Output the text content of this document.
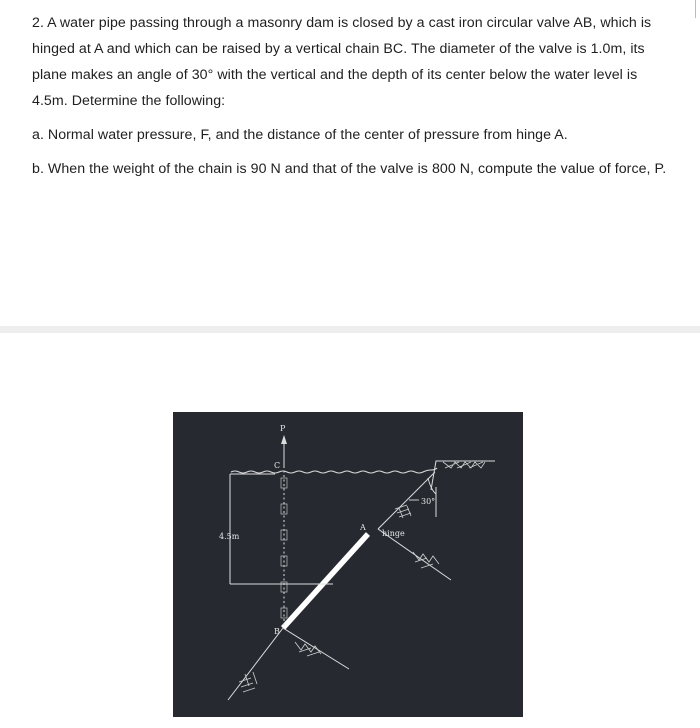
2. A water pipe passing through a masonry dam is closed by a cast iron circular valve AB, which is hinged at A and which can be raised by a vertical chain BC. The diameter of the valve is 1.0m, its plane makes an angle of 30° with the vertical and the depth of its center below the water level is 4.5m. Determine the following:

a. Normal water pressure, F, and the distance of the center of pressure from hinge A.

b. When the weight of the chain is 90 N and that of the valve is 800 N, compute the value of force, P.

30°
hinge
A
C
B
P
4.5m
